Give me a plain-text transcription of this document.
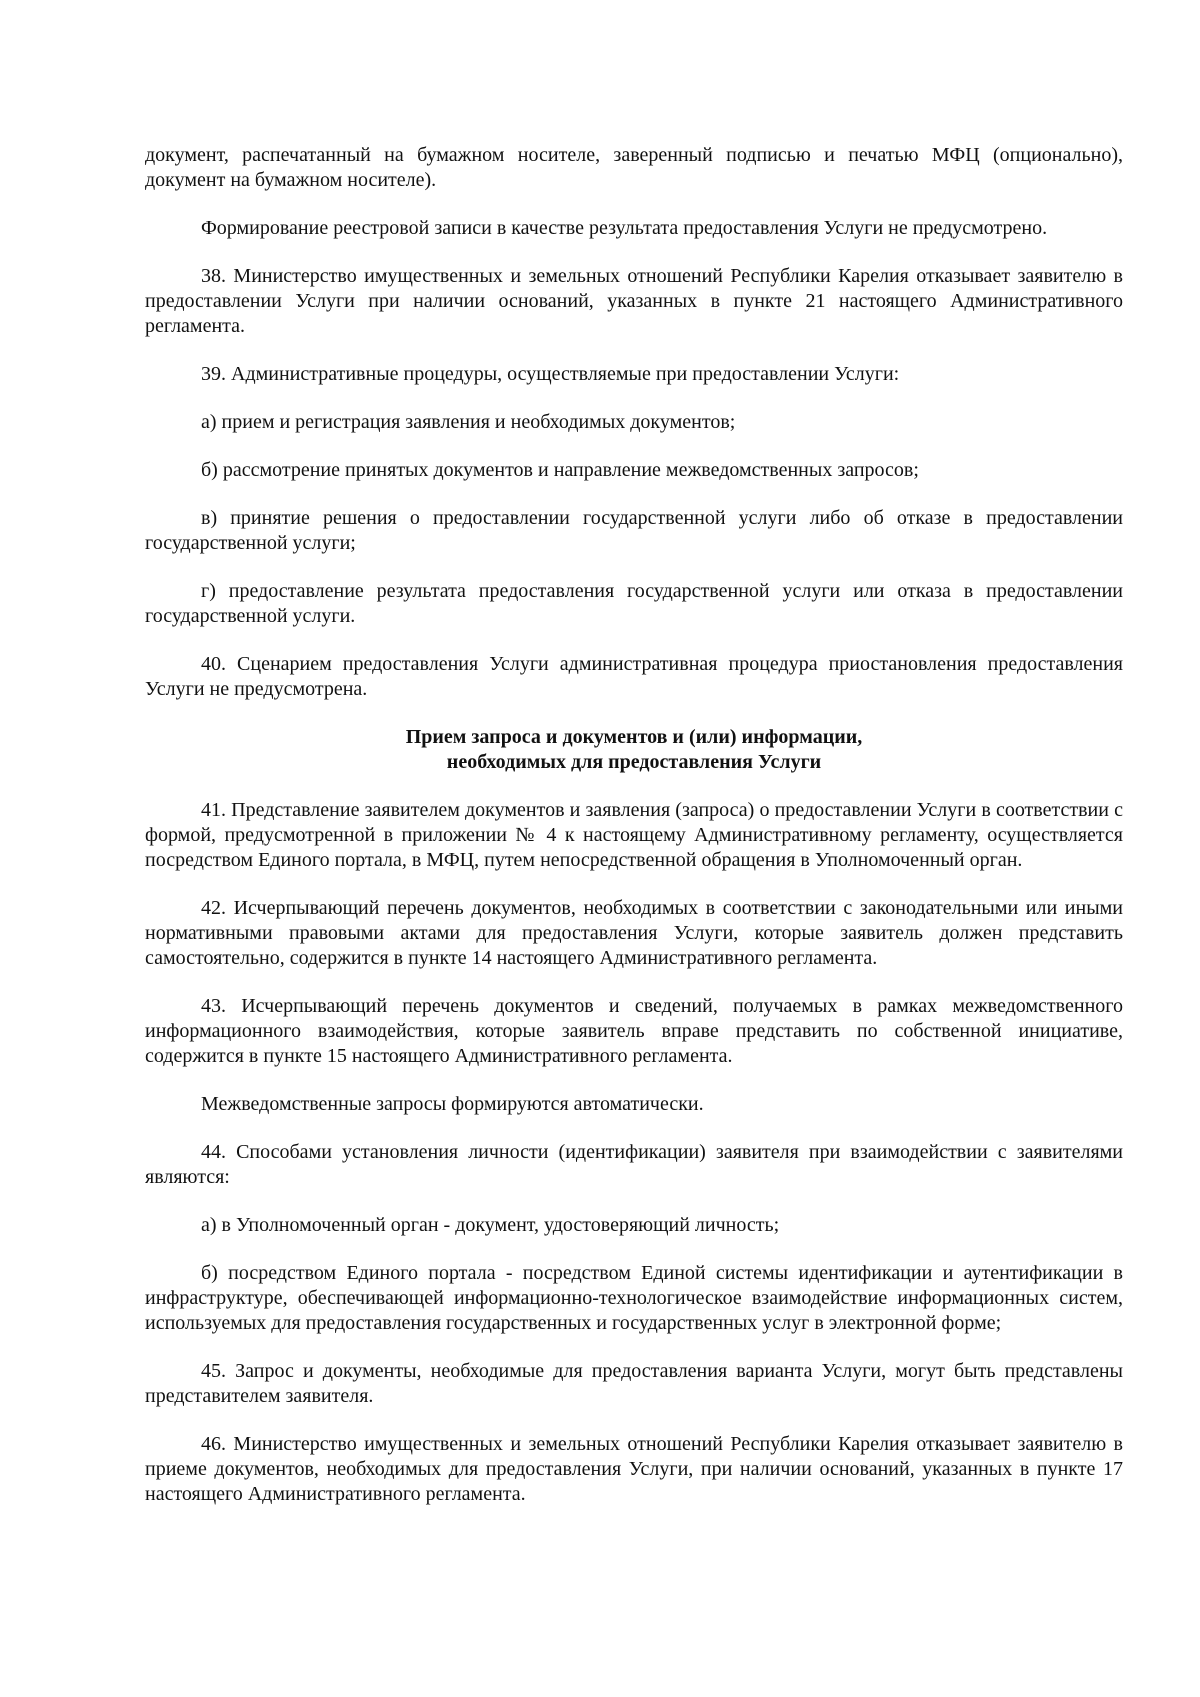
документ, распечатанный на бумажном носителе, заверенный подписью и печатью МФЦ (опционально), документ на бумажном носителе).

Формирование реестровой записи в качестве результата предоставления Услуги не предусмотрено.

38. Министерство имущественных и земельных отношений Республики Карелия отказывает заявителю в предоставлении Услуги при наличии оснований, указанных в пункте 21 настоящего Административного регламента.

39. Административные процедуры, осуществляемые при предоставлении Услуги:

а) прием и регистрация заявления и необходимых документов;

б) рассмотрение принятых документов и направление межведомственных запросов;

в) принятие решения о предоставлении государственной услуги либо об отказе в предоставлении государственной услуги;

г) предоставление результата предоставления государственной услуги или отказа в предоставлении государственной услуги.

40. Сценарием предоставления Услуги административная процедура приостановления предоставления Услуги не предусмотрена.

Прием запроса и документов и (или) информации,
необходимых для предоставления Услуги

41. Представление заявителем документов и заявления (запроса) о предоставлении Услуги в соответствии с формой, предусмотренной в приложении № 4 к настоящему Административному регламенту, осуществляется посредством Единого портала, в МФЦ, путем непосредственной обращения в Уполномоченный орган.

42. Исчерпывающий перечень документов, необходимых в соответствии с законодательными или иными нормативными правовыми актами для предоставления Услуги, которые заявитель должен представить самостоятельно, содержится в пункте 14 настоящего Административного регламента.

43. Исчерпывающий перечень документов и сведений, получаемых в рамках межведомственного информационного взаимодействия, которые заявитель вправе представить по собственной инициативе, содержится в пункте 15 настоящего Административного регламента.

Межведомственные запросы формируются автоматически.

44. Способами установления личности (идентификации) заявителя при взаимодействии с заявителями являются:

а) в Уполномоченный орган - документ, удостоверяющий личность;

б) посредством Единого портала - посредством Единой системы идентификации и аутентификации в инфраструктуре, обеспечивающей информационно-технологическое взаимодействие информационных систем, используемых для предоставления государственных и государственных услуг в электронной форме;

45. Запрос и документы, необходимые для предоставления варианта Услуги, могут быть представлены представителем заявителя.

46. Министерство имущественных и земельных отношений Республики Карелия отказывает заявителю в приеме документов, необходимых для предоставления Услуги, при наличии оснований, указанных в пункте 17 настоящего Административного регламента.
